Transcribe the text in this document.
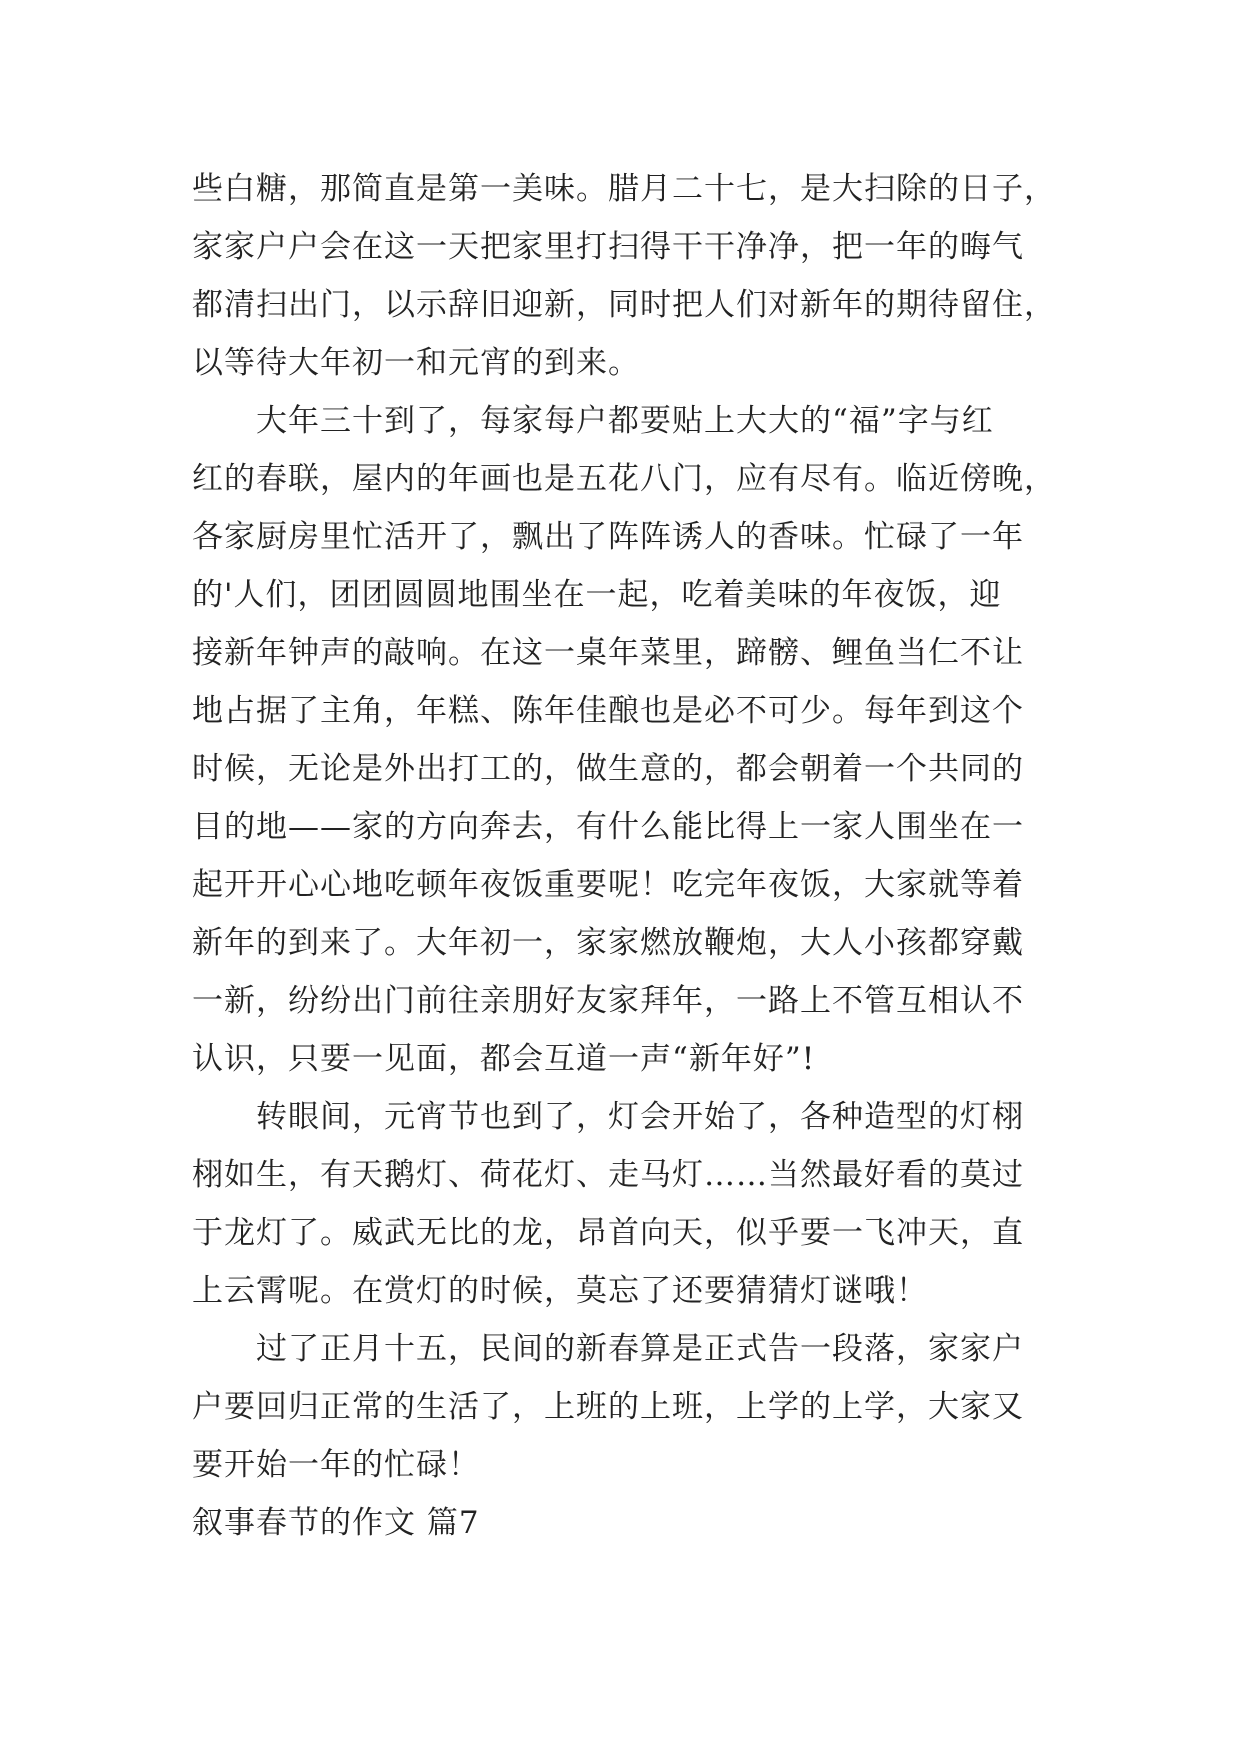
些白糖，那简直是第一美味。腊月二十七，是大扫除的日子，
家家户户会在这一天把家里打扫得干干净净，把一年的晦气
都清扫出门，以示辞旧迎新，同时把人们对新年的期待留住，
以等待大年初一和元宵的到来。
大年三十到了，每家每户都要贴上大大的“福”字与红
红的春联，屋内的年画也是五花八门，应有尽有。临近傍晚，
各家厨房里忙活开了，飘出了阵阵诱人的香味。忙碌了一年
的'人们，团团圆圆地围坐在一起，吃着美味的年夜饭，迎
接新年钟声的敲响。在这一桌年菜里，蹄髈、鲤鱼当仁不让
地占据了主角，年糕、陈年佳酿也是必不可少。每年到这个
时候，无论是外出打工的，做生意的，都会朝着一个共同的
目的地——家的方向奔去，有什么能比得上一家人围坐在一
起开开心心地吃顿年夜饭重要呢！吃完年夜饭，大家就等着
新年的到来了。大年初一，家家燃放鞭炮，大人小孩都穿戴
一新，纷纷出门前往亲朋好友家拜年，一路上不管互相认不
认识，只要一见面，都会互道一声“新年好”!
转眼间，元宵节也到了，灯会开始了，各种造型的灯栩
栩如生，有天鹅灯、荷花灯、走马灯……当然最好看的莫过
于龙灯了。威武无比的龙，昂首向天，似乎要一飞冲天，直
上云霄呢。在赏灯的时候，莫忘了还要猜猜灯谜哦！
过了正月十五，民间的新春算是正式告一段落，家家户
户要回归正常的生活了，上班的上班，上学的上学，大家又
要开始一年的忙碌！
叙事春节的作文 篇7
